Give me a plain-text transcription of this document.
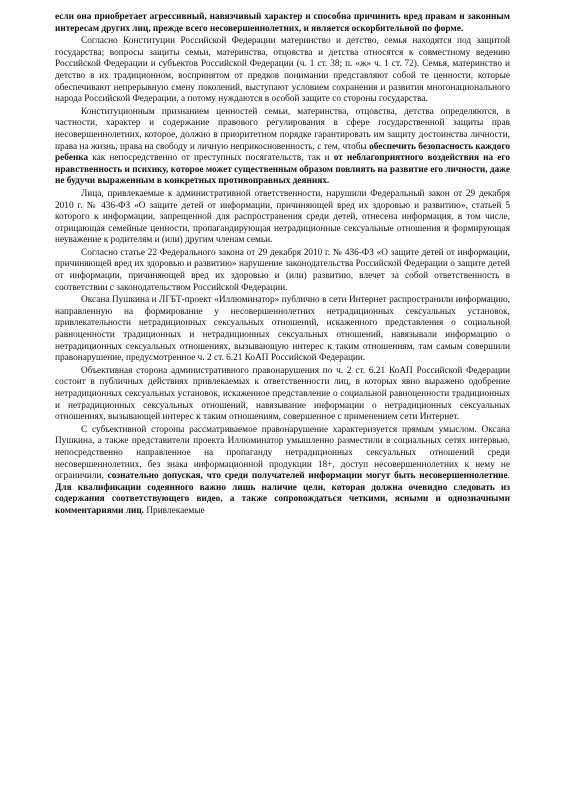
если она приобретает агрессивный, навязчивый характер и способна причинить вред правам и законным интересам других лиц, прежде всего несовершеннолетних, и является оскорбительной по форме.

Согласно Конституции Российской Федерации материнство и детство, семья находятся под защитой государства; вопросы защиты семьи, материнства, отцовства и детства относятся к совместному ведению Российской Федерации и субъектов Российской Федерации (ч. 1 ст. 38; п. «ж» ч. 1 ст. 72). Семья, материнство и детство в их традиционном, воспринятом от предков понимании представляют собой те ценности, которые обеспечивают непрерывную смену поколений, выступают условием сохранения и развития многонационального народа Российской Федерации, а потому нуждаются в особой защите со стороны государства.

Конституционным признанием ценностей семьи, материнства, отцовства, детства определяются, в частности, характер и содержание правового регулирования в сфере государственной защиты прав несовершеннолетних, которое, должно в приоритетном порядке гарантировать им защиту достоинства личности, права на жизнь, права на свободу и личную неприкосновенность, с тем, чтобы обеспечить безопасность каждого ребенка как непосредственно от преступных посягательств, так и от неблагоприятного воздействия на его нравственность и психику, которое может существенным образом повлиять на развитие его личности, даже не будучи выраженным в конкретных противоправных деяниях.

Лица, привлекаемые к административной ответственности, нарушили Федеральный закон от 29 декабря 2010 г. № 436-ФЗ «О защите детей от информации, причиняющей вред их здоровью и развитию», статьей 5 которого к информации, запрещенной для распространения среди детей, отнесена информация, в том числе, отрицающая семейные ценности, пропагандирующая нетрадиционные сексуальные отношения и формирующая неуважение к родителям и (или) другим членам семьи.

Согласно статье 22 Федерального закона от 29 декабря 2010 г. № 436-ФЗ «О защите детей от информации, причиняющей вред их здоровью и развитию» нарушение законодательства Российской Федерации о защите детей от информации, причиняющей вред их здоровью и (или) развитию, влечет за собой ответственность в соответствии с законодательством Российской Федерации.

Оксана Пушкина и ЛГБТ-проект «Иллюминатор» публично в сети Интернет распространили информацию, направленную на формирование у несовершеннолетних нетрадиционных сексуальных установок, привлекательности нетрадиционных сексуальных отношений, искаженного представления о социальной равноценности традиционных и нетрадиционных сексуальных отношений, навязывали информацию о нетрадиционных сексуальных отношениях, вызывающую интерес к таким отношениям, там самым совершили правонарушение, предусмотренное ч. 2 ст. 6.21 КоАП Российской Федерации.

Объективная сторона административного правонарушения по ч. 2 ст. 6.21 КоАП Российской Федерации состоит в публичных действиях привлекаемых к ответственности лиц, в которых явно выражено одобрение нетрадиционных сексуальных установок, искаженное представление о социальной равноценности традиционных и нетрадиционных сексуальных отношений, навязывание информации о нетрадиционных сексуальных отношениях, вызывающей интерес к таким отношениям, совершенное с применением сети Интернет.

С субъективной стороны рассматриваемое правонарушение характеризуется прямым умыслом. Оксана Пушкина, а также представители проекта Иллюминатор умышленно разместили в социальных сетях интервью, непосредственно направленное на пропаганду нетрадиционных сексуальных отношений среди несовершеннолетних, без знака информационной продукции 18+, доступ несовершеннолетних к нему не ограничили, сознательно допуская, что среди получателей информации могут быть несовершеннолетние. Для квалификации содеянного важно лишь наличие цели, которая должна очевидно следовать из содержания соответствующего видео, а также сопровождаться четкими, ясными и однозначными комментариями лиц. Привлекаемые
